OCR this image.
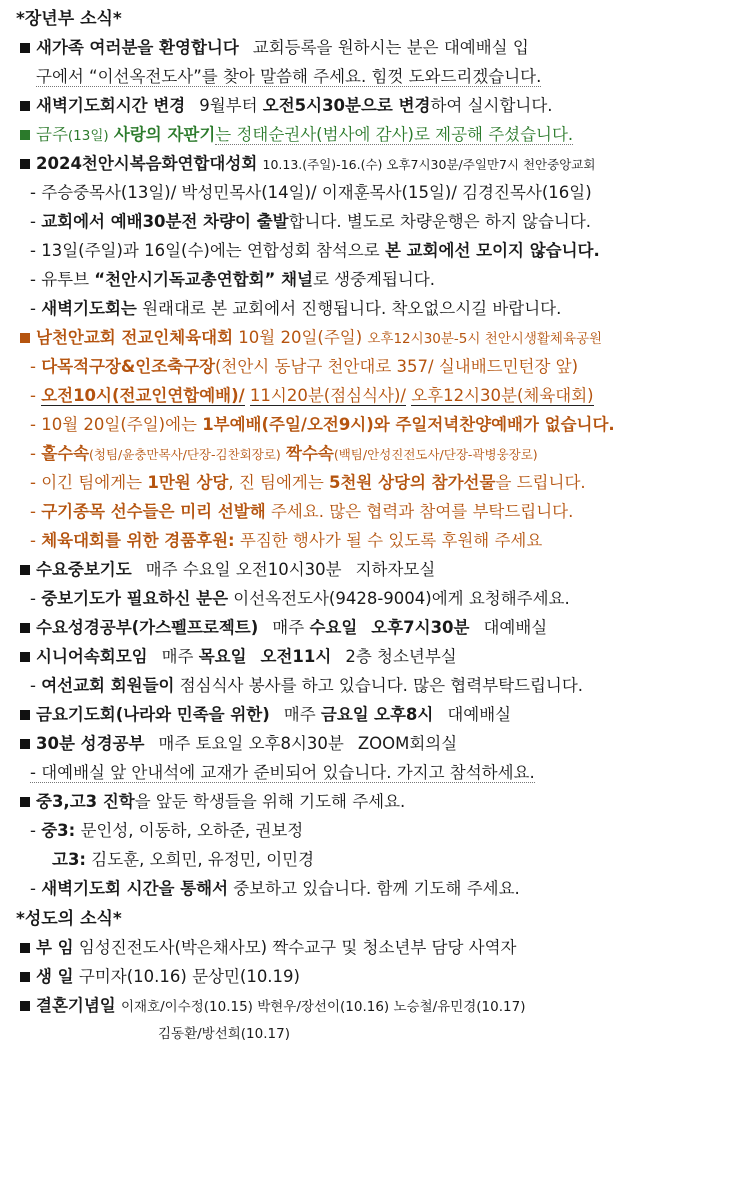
*장년부 소식*
새가족 여러분을 환영합니다 교회등록을 원하시는 분은 대예배실 입
구에서 “이선옥전도사”를 찾아 말씀해 주세요. 힘껏 도와드리겠습니다.
새벽기도회시간 변경 9월부터 오전5시30분으로 변경하여 실시합니다.
금주(13일) 사랑의 자판기는 정태순권사(범사에 감사)로 제공해 주셨습니다.
2024천안시복음화연합대성회 10.13.(주일)-16.(수) 오후7시30분/주일만7시 천안중앙교회
- 주승중목사(13일)/ 박성민목사(14일)/ 이재훈목사(15일)/ 김경진목사(16일)
- 교회에서 예배30분전 차량이 출발합니다. 별도로 차량운행은 하지 않습니다.
- 13일(주일)과 16일(수)에는 연합성회 참석으로 본 교회에선 모이지 않습니다.
- 유투브 “천안시기독교총연합회” 채널로 생중계됩니다.
- 새벽기도회는 원래대로 본 교회에서 진행됩니다. 착오없으시길 바랍니다.
남천안교회 전교인체육대회 10월 20일(주일) 오후12시30분-5시 천안시생활체육공원
- 다목적구장&인조축구장(천안시 동남구 천안대로 357/ 실내배드민턴장 앞)
- 오전10시(전교인연합예배)/ 11시20분(점심식사)/ 오후12시30분(체육대회)
- 10월 20일(주일)에는 1부예배(주일/오전9시)와 주일저녁찬양예배가 없습니다.
- 홀수속(청팀/윤충만목사/단장-김찬회장로) 짝수속(백팀/안성진전도사/단장-곽병웅장로)
- 이긴 팀에게는 1만원 상당, 진 팀에게는 5천원 상당의 참가선물을 드립니다.
- 구기종목 선수들은 미리 선발해 주세요. 많은 협력과 참여를 부탁드립니다.
- 체육대회를 위한 경품후원: 푸짐한 행사가 될 수 있도록 후원해 주세요
수요중보기도 매주 수요일 오전10시30분 지하자모실
- 중보기도가 필요하신 분은 이선옥전도사(9428-9004)에게 요청해주세요.
수요성경공부(가스펠프로젝트) 매주 수요일 오후7시30분 대예배실
시니어속회모임 매주 목요일 오전11시 2층 청소년부실
- 여선교회 회원들이 점심식사 봉사를 하고 있습니다. 많은 협력부탁드립니다.
금요기도회(나라와 민족을 위한) 매주 금요일 오후8시 대예배실
30분 성경공부 매주 토요일 오후8시30분 ZOOM회의실
- 대예배실 앞 안내석에 교재가 준비되어 있습니다. 가지고 참석하세요.
중3,고3 진학을 앞둔 학생들을 위해 기도해 주세요.
- 중3: 문인성, 이동하, 오하준, 권보정
고3: 김도훈, 오희민, 유정민, 이민경
- 새벽기도회 시간을 통해서 중보하고 있습니다. 함께 기도해 주세요.
*성도의 소식*
부 임 임성진전도사(박은채사모) 짝수교구 및 청소년부 담당 사역자
생 일 구미자(10.16) 문상민(10.19)
결혼기념일 이재호/이수정(10.15) 박현우/장선이(10.16) 노승철/유민경(10.17)
김동환/방선희(10.17)
